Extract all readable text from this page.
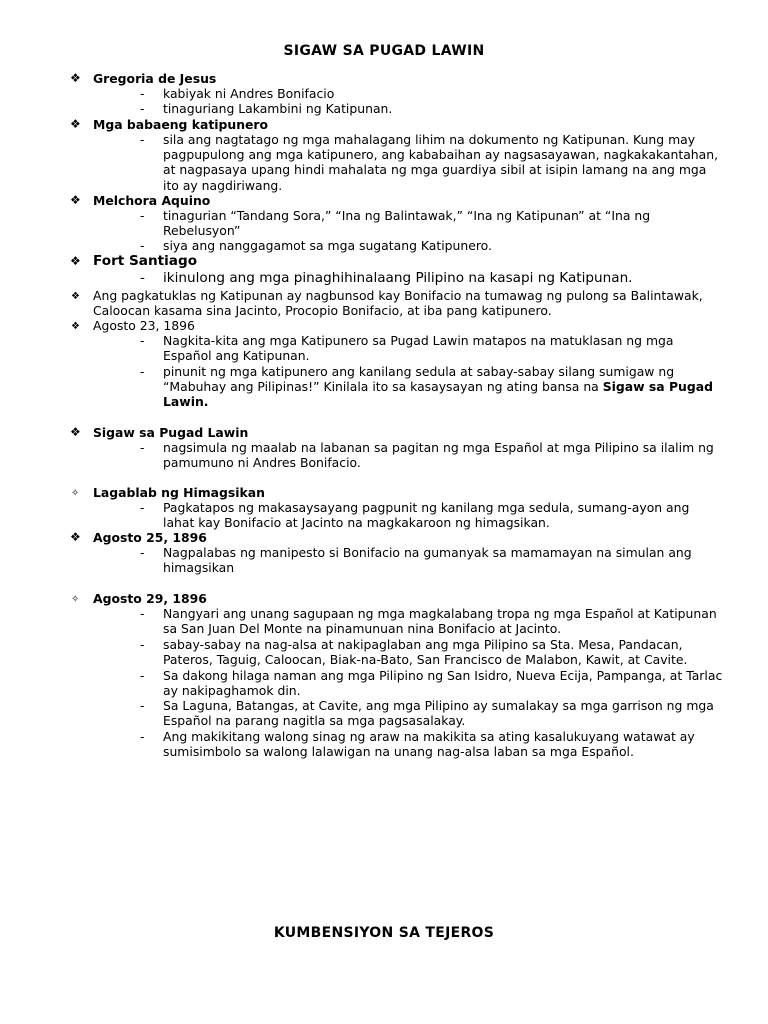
SIGAW SA PUGAD LAWIN
❖ Gregoria de Jesus
- kabiyak ni Andres Bonifacio
- tinaguriang Lakambini ng Katipunan.
❖ Mga babaeng katipunero
- sila ang nagtatago ng mga mahalagang lihim na dokumento ng Katipunan. Kung may pagpupulong ang mga katipunero, ang kababaihan ay nagsasayawan, nagkakakantahan, at nagpasaya upang hindi mahalata ng mga guardiya sibil at isipin lamang na ang mga ito ay nagdiriwang.
❖ Melchora Aquino
- tinagurian “Tandang Sora,” “Ina ng Balintawak,” “Ina ng Katipunan” at “Ina ng Rebelusyon”
- siya ang nanggagamot sa mga sugatang Katipunero.
❖ Fort Santiago
- ikinulong ang mga pinaghihinalaang Pilipino na kasapi ng Katipunan.
❖	Ang pagkatuklas ng Katipunan ay nagbunsod kay Bonifacio na tumawag ng pulong sa Balintawak, Caloocan kasama sina Jacinto, Procopio Bonifacio, at iba pang katipunero.
❖	Agosto 23, 1896
- Nagkita-kita ang mga Katipunero sa Pugad Lawin matapos na matuklasan ng mga Español ang Katipunan.
- pinunit ng mga katipunero ang kanilang sedula at sabay-sabay silang sumigaw ng “Mabuhay ang Pilipinas!” Kinilala ito sa kasaysayan ng ating bansa na Sigaw sa Pugad Lawin.
❖ Sigaw sa Pugad Lawin
- nagsimula ng maalab na labanan sa pagitan ng mga Español at mga Pilipino sa ilalim ng pamumuno ni Andres Bonifacio.
✧	Lagablab ng Himagsikan
- Pagkatapos ng makasaysayang pagpunit ng kanilang mga sedula, sumang-ayon ang lahat kay Bonifacio at Jacinto na magkakaroon ng himagsikan.
❖ Agosto 25, 1896
- Nagpalabas ng manipesto si Bonifacio na gumanyak sa mamamayan na simulan ang himagsikan
✧	Agosto 29, 1896
- Nangyari ang unang sagupaan ng mga magkalabang tropa ng mga Español at Katipunan sa San Juan Del Monte na pinamunuan nina Bonifacio at Jacinto.
- sabay-sabay na nag-alsa at nakipaglaban ang mga Pilipino sa Sta. Mesa, Pandacan, Pateros, Taguig, Caloocan, Biak-na-Bato, San Francisco de Malabon, Kawit, at Cavite.
- Sa dakong hilaga naman ang mga Pilipino ng San Isidro, Nueva Ecija, Pampanga, at Tarlac ay nakipaghamok din.
- Sa Laguna, Batangas, at Cavite, ang mga Pilipino ay sumalakay sa mga garrison ng mga Español na parang nagitla sa mga pagsasalakay.
- Ang makikitang walong sinag ng araw na makikita sa ating kasalukuyang watawat ay sumisimbolo sa walong lalawigan na unang nag-alsa laban sa mga Español.
KUMBENSIYON SA TEJEROS
